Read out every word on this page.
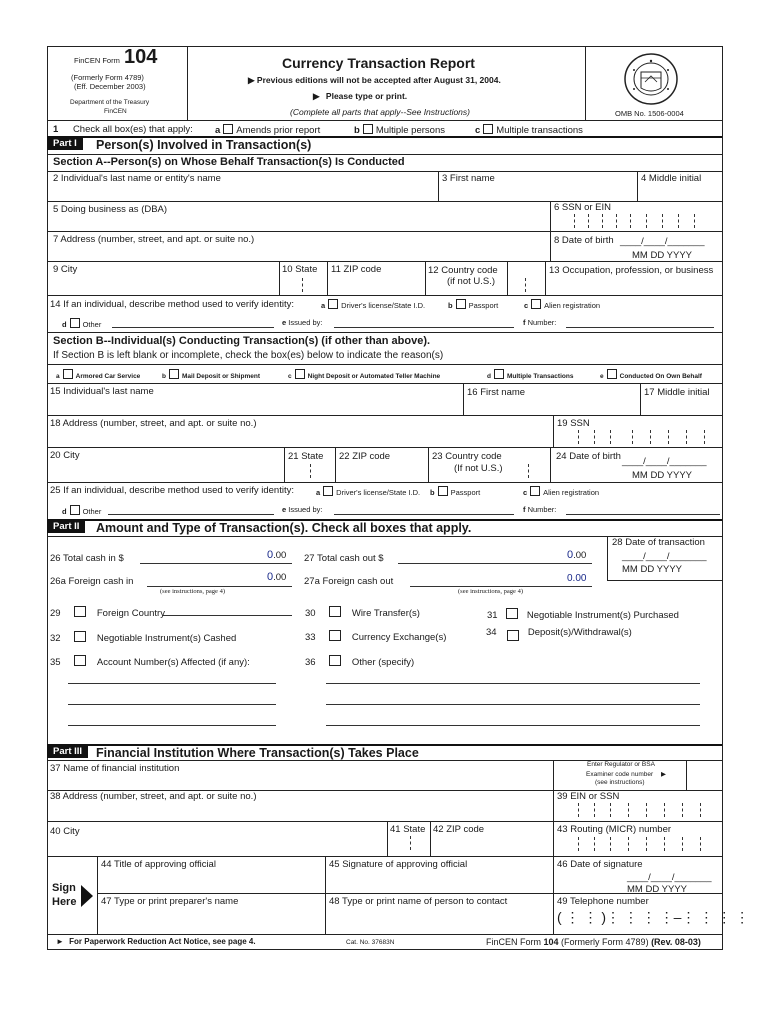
FinCEN Form 104
(Formerly Form 4789)
(Eff. December 2003)
Department of the Treasury
FinCEN
Currency Transaction Report
▶ Previous editions will not be accepted after August 31, 2004.
▶ Please type or print.
(Complete all parts that apply--See Instructions)	OMB No. 1506-0004
1 Check all box(es) that apply: a Amends prior report	b Multiple persons	c Multiple transactions
Part I	Person(s) Involved in Transaction(s)
Section A--Person(s) on Whose Behalf Transaction(s) Is Conducted
2 Individual's last name or entity's name	3 First name	4 Middle initial
5 Doing business as (DBA)	6 SSN or EIN
7 Address (number, street, and apt. or suite no.)	8 Date of birth ____/____/_______
MM DD YYYY
9 City	10 State 11 ZIP code	12 Country code
(if not U.S.)
13 Occupation, profession, or business
14 If an individual, describe method used to verify identity:	a Driver's license/State I.D.	b Passport	c Alien registration
d Other	e Issued by:	f Number:
Section B--Individual(s) Conducting Transaction(s) (if other than above).
If Section B is left blank or incomplete, check the box(es) below to indicate the reason(s)
a Armored Car Service	b Mail Deposit or Shipment	c Night Deposit or Automated Teller Machine	d Multiple Transactions	e Conducted On Own Behalf
15 Individual's last name	16 First name	17 Middle initial
18 Address (number, street, and apt. or suite no.)	19 SSN
20 City	21 State 22 ZIP code	23 Country code
(If not U.S.)
24 Date of birth ____/____/_______
MM DD YYYY
25 If an individual, describe method used to verify identity:	a Driver's license/State I.D. b Passport	c Alien registration
d Other	e Issued by:	f Number:
Part II	Amount and Type of Transaction(s). Check all boxes that apply.
26 Total cash in $	0.00 27 Total cash out $	0.00
28 Date of transaction
____/____/_______
MM DD YYYY
26a Foreign cash in	0.00
(see instructions, page 4)
27a Foreign cash out	0.00
(see instructions, page 4)
29	Foreign Country	30	Wire Transfer(s)	31	Negotiable Instrument(s) Purchased
32	Negotiable Instrument(s) Cashed	33	Currency Exchange(s)	34	Deposit(s)/Withdrawal(s)
35	Account Number(s) Affected (if any):	36	Other (specify)
Part III	Financial Institution Where Transaction(s) Takes Place
37 Name of financial institution	Enter Regulator or BSA
Examiner code number ▶
(see instructions)
38 Address (number, street, and apt. or suite no.)	39 EIN or SSN
40 City	41 State 42 ZIP code	43 Routing (MICR) number
Sign
Here
44 Title of approving official	45 Signature of approving official	46 Date of signature
____/____/_______
MM DD YYYY
47 Type or print preparer's name	48 Type or print name of person to contact	49 Telephone number
( ⋮ ⋮ )⋮ ⋮ ⋮ ⋮–⋮ ⋮ ⋮ ⋮
► For Paperwork Reduction Act Notice, see page 4.	Cat. No. 37683N	FinCEN Form 104 (Formerly Form 4789) (Rev. 08-03)
